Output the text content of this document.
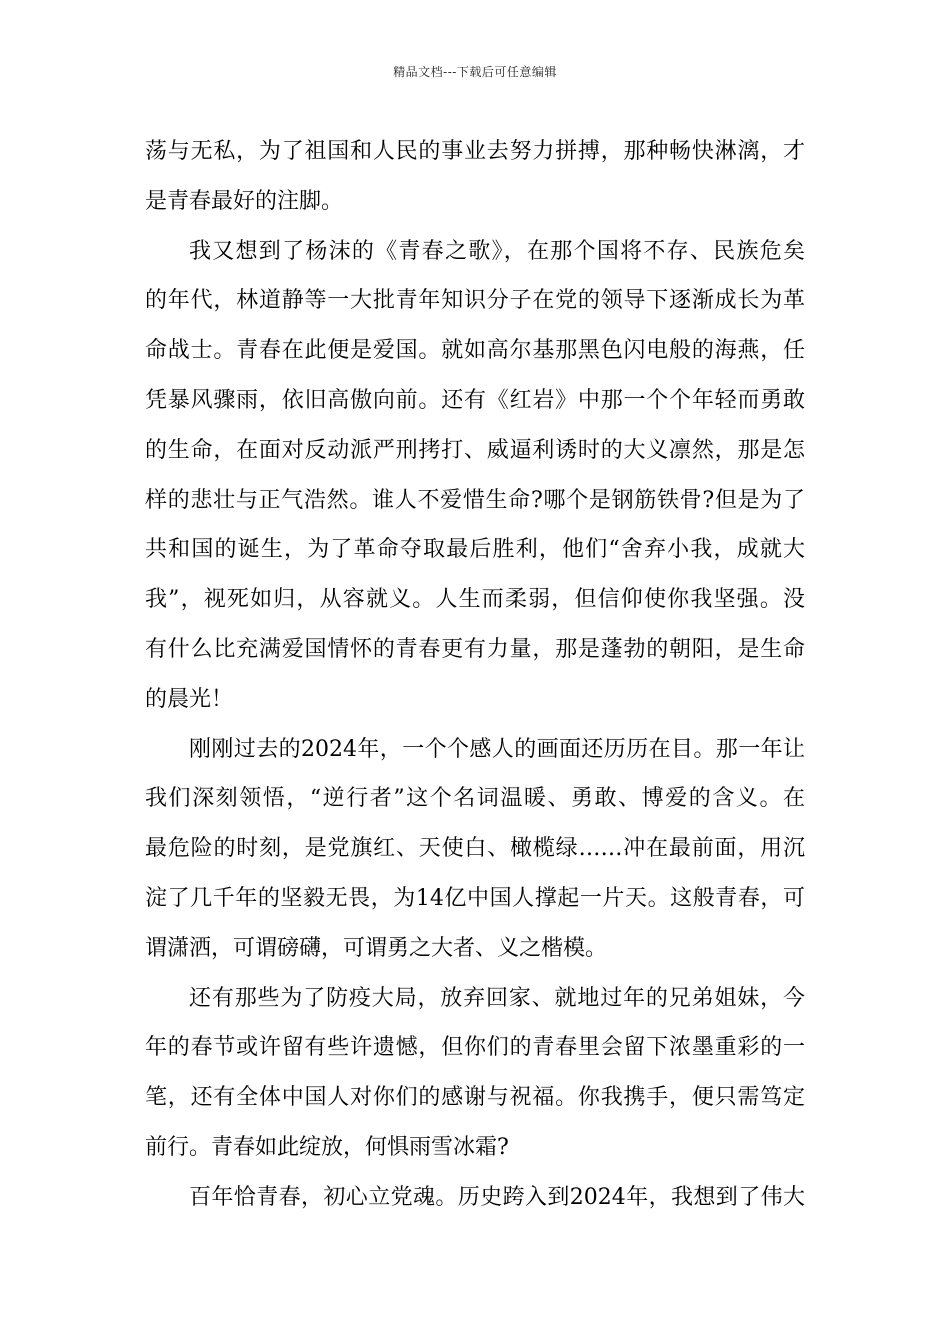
精品文档---下载后可任意编辑
荡与无私，为了祖国和人民的事业去努力拼搏，那种畅快淋漓，才
是青春最好的注脚。
我又想到了杨沫的《青春之歌》，在那个国将不存、民族危矣
的年代，林道静等一大批青年知识分子在党的领导下逐渐成长为革
命战士。青春在此便是爱国。就如高尔基那黑色闪电般的海燕，任
凭暴风骤雨，依旧高傲向前。还有《红岩》中那一个个年轻而勇敢
的生命，在面对反动派严刑拷打、威逼利诱时的大义凛然，那是怎
样的悲壮与正气浩然。谁人不爱惜生命?哪个是钢筋铁骨?但是为了
共和国的诞生，为了革命夺取最后胜利，他们“舍弃小我，成就大
我”，视死如归，从容就义。人生而柔弱，但信仰使你我坚强。没
有什么比充满爱国情怀的青春更有力量，那是蓬勃的朝阳，是生命
的晨光！
刚刚过去的2024年，一个个感人的画面还历历在目。那一年让
我们深刻领悟，“逆行者”这个名词温暖、勇敢、博爱的含义。在
最危险的时刻，是党旗红、天使白、橄榄绿……冲在最前面，用沉
淀了几千年的坚毅无畏，为14亿中国人撑起一片天。这般青春，可
谓潇洒，可谓磅礴，可谓勇之大者、义之楷模。
还有那些为了防疫大局，放弃回家、就地过年的兄弟姐妹，今
年的春节或许留有些许遗憾，但你们的青春里会留下浓墨重彩的一
笔，还有全体中国人对你们的感谢与祝福。你我携手，便只需笃定
前行。青春如此绽放，何惧雨雪冰霜?
百年恰青春，初心立党魂。历史跨入到2024年，我想到了伟大
